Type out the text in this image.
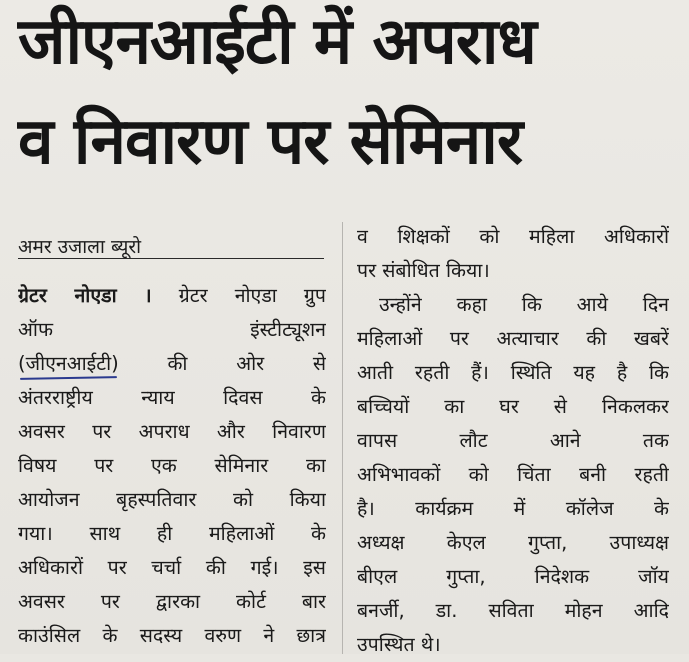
जीएनआईटी में अपराध
व निवारण पर सेमिनार
अमर उजाला ब्यूरो
ग्रेटर नोएडा । ग्रेटर नोएडा ग्रुप
ऑफ इंस्टीट्यूशन
(जीएनआईटी) की ओर से
अंतरराष्ट्रीय न्याय दिवस के
अवसर पर अपराध और निवारण
विषय पर एक सेमिनार का
आयोजन बृहस्पतिवार को किया
गया। साथ ही महिलाओं के
अधिकारों पर चर्चा की गई। इस
अवसर पर द्वारका कोर्ट बार
काउंसिल के सदस्य वरुण ने छात्र
व शिक्षकों को महिला अधिकारों
पर संबोधित किया।
उन्होंने कहा कि आये दिन
महिलाओं पर अत्याचार की खबरें
आती रहती हैं। स्थिति यह है कि
बच्चियों का घर से निकलकर
वापस लौट आने तक
अभिभावकों को चिंता बनी रहती
है। कार्यक्रम में कॉलेज के
अध्यक्ष केएल गुप्ता, उपाध्यक्ष
बीएल गुप्ता, निदेशक जॉय
बनर्जी, डा. सविता मोहन आदि
उपस्थित थे।
